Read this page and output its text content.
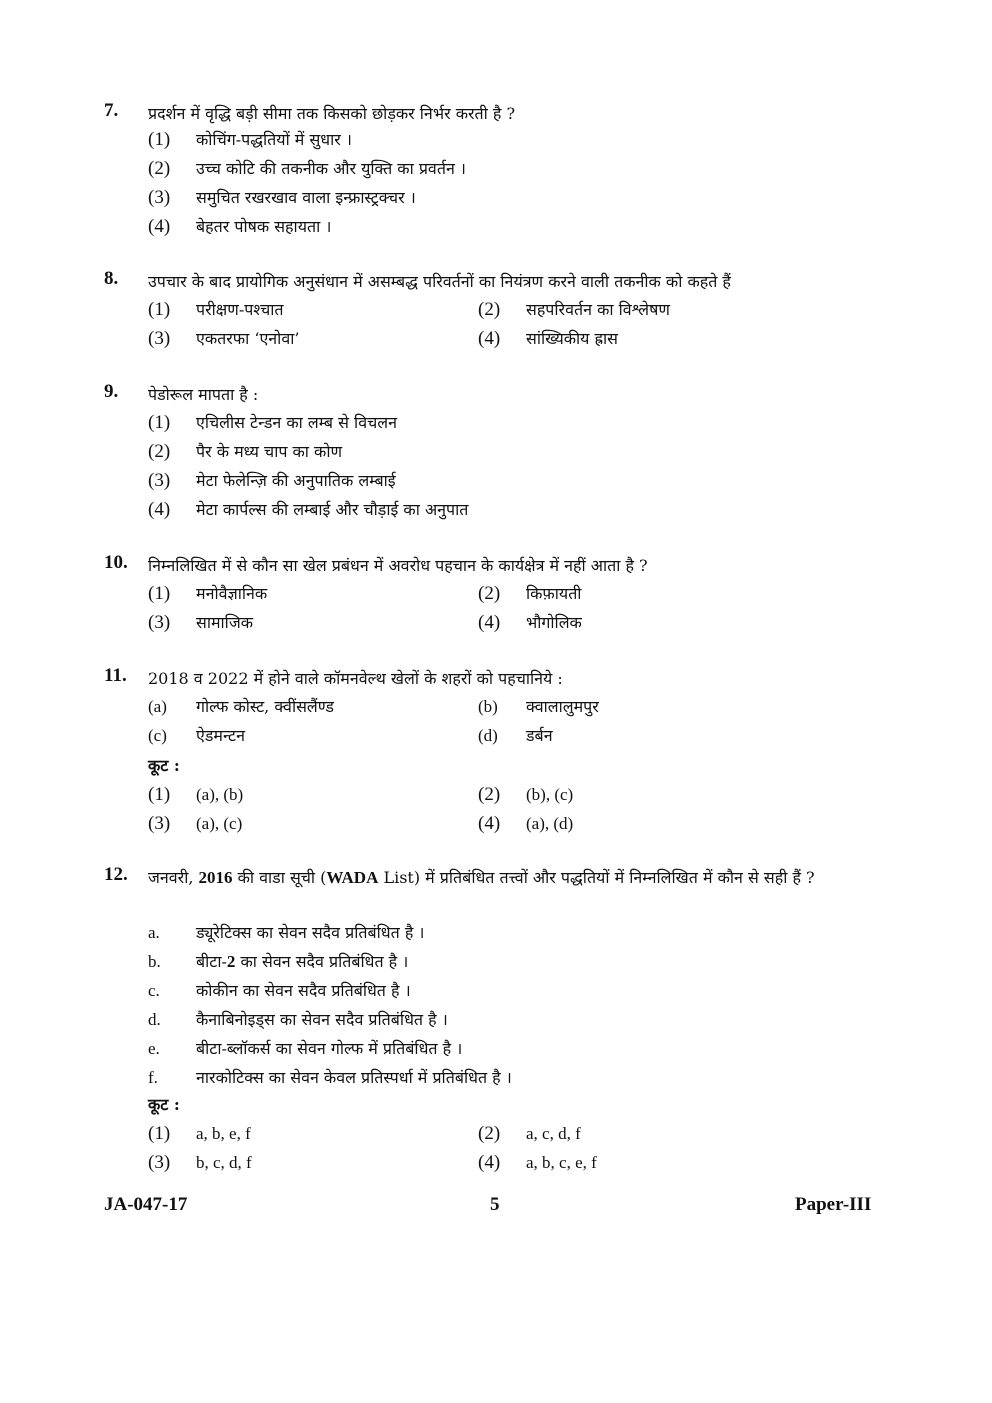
7. प्रदर्शन में वृद्धि बड़ी सीमा तक किसको छोड़कर निर्भर करती है ?
(1) कोचिंग-पद्धतियों में सुधार ।
(2) उच्च कोटि की तकनीक और युक्ति का प्रवर्तन ।
(3) समुचित रखरखाव वाला इन्फ्रास्ट्रक्चर ।
(4) बेहतर पोषक सहायता ।
8. उपचार के बाद प्रायोगिक अनुसंधान में असम्बद्ध परिवर्तनों का नियंत्रण करने वाली तकनीक को कहते हैं
(1) परीक्षण-पश्चात	(2) सहपरिवर्तन का विश्लेषण
(3) एकतरफा ‘एनोवा’	(4) सांख्यिकीय ह्रास
9. पेडोरूल मापता है :
(1) एचिलीस टेन्डन का लम्ब से विचलन
(2) पैर के मध्य चाप का कोण
(3) मेटा फेलेन्ज़ि की अनुपातिक लम्बाई
(4) मेटा कार्पल्स की लम्बाई और चौड़ाई का अनुपात
10. निम्नलिखित में से कौन सा खेल प्रबंधन में अवरोध पहचान के कार्यक्षेत्र में नहीं आता है ?
(1) मनोवैज्ञानिक	(2) किफ़ायती
(3) सामाजिक	(4) भौगोलिक
11. 2018 व 2022 में होने वाले कॉमनवेल्थ खेलों के शहरों को पहचानिये :
(a) गोल्फ कोस्ट, क्वींसलैंण्ड	(b) क्वालालुमपुर
(c) ऐडमन्टन	(d) डर्बन
कूट :
(1) (a), (b)	(2) (b), (c)
(3) (a), (c)	(4) (a), (d)
12. जनवरी, 2016 की वाडा सूची (WADA List) में प्रतिबंधित तत्त्वों और पद्धतियों में निम्नलिखित में कौन से सही हैं ?
a. ड्यूरेटिक्स का सेवन सदैव प्रतिबंधित है ।
b. बीटा-2 का सेवन सदैव प्रतिबंधित है ।
c. कोकीन का सेवन सदैव प्रतिबंधित है ।
d. कैनाबिनोइड्स का सेवन सदैव प्रतिबंधित है ।
e. बीटा-ब्लॉकर्स का सेवन गोल्फ में प्रतिबंधित है ।
f. नारकोटिक्स का सेवन केवल प्रतिस्पर्धा में प्रतिबंधित है ।
कूट :
(1) a, b, e, f	(2) a, c, d, f
(3) b, c, d, f	(4) a, b, c, e, f
JA-047-17	5	Paper-III
